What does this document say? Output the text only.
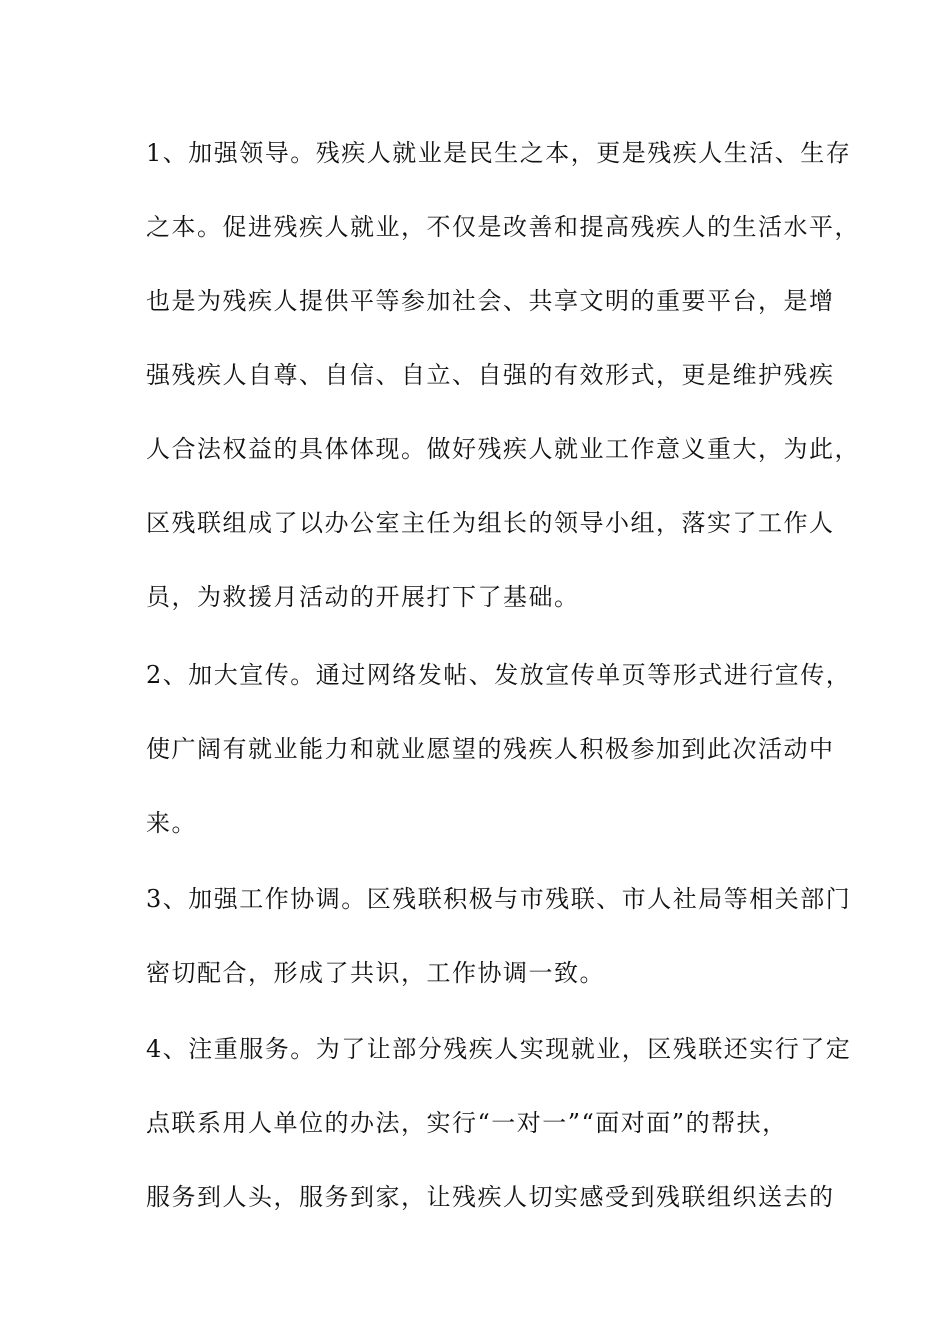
1、加强领导。残疾人就业是民生之本，更是残疾人生活、生存
之本。促进残疾人就业，不仅是改善和提高残疾人的生活水平，
也是为残疾人提供平等参加社会、共享文明的重要平台，是增
强残疾人自尊、自信、自立、自强的有效形式，更是维护残疾
人合法权益的具体体现。做好残疾人就业工作意义重大，为此，
区残联组成了以办公室主任为组长的领导小组，落实了工作人
员，为救援月活动的开展打下了基础。
2、加大宣传。通过网络发帖、发放宣传单页等形式进行宣传，
使广阔有就业能力和就业愿望的残疾人积极参加到此次活动中
来。
3、加强工作协调。区残联积极与市残联、市人社局等相关部门
密切配合，形成了共识，工作协调一致。
4、注重服务。为了让部分残疾人实现就业，区残联还实行了定
点联系用人单位的办法，实行“一对一”“面对面”的帮扶，
服务到人头，服务到家，让残疾人切实感受到残联组织送去的
